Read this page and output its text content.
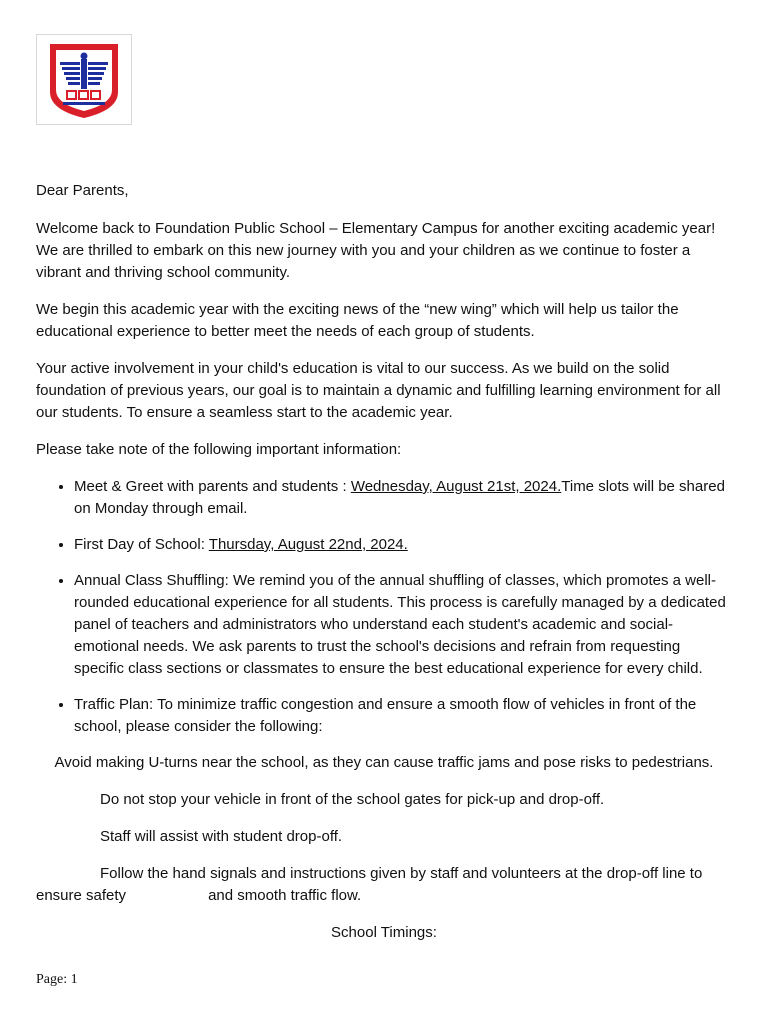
Dear Parents,

Welcome back to Foundation Public School – Elementary Campus for another exciting academic year! We are thrilled to embark on this new journey with you and your children as we continue to foster a vibrant and thriving school community.

We begin this academic year with the exciting news of the “new wing” which will help us tailor the educational experience to better meet the needs of each group of students.

Your active involvement in your child's education is vital to our success. As we build on the solid foundation of previous years, our goal is to maintain a dynamic and fulfilling learning environment for all our students. To ensure a seamless start to the academic year.

Please take note of the following important information:

• Meet & Greet with parents and students : Wednesday, August 21st, 2024.Time slots will be shared on Monday through email.
• First Day of School: Thursday, August 22nd, 2024.
• Annual Class Shuffling: We remind you of the annual shuffling of classes, which promotes a well-rounded educational experience for all students. This process is carefully managed by a dedicated panel of teachers and administrators who understand each student's academic and social-emotional needs. We ask parents to trust the school's decisions and refrain from requesting specific class sections or classmates to ensure the best educational experience for every child.
• Traffic Plan: To minimize traffic congestion and ensure a smooth flow of vehicles in front of the school, please consider the following:

Avoid making U-turns near the school, as they can cause traffic jams and pose risks to pedestrians.

Do not stop your vehicle in front of the school gates for pick-up and drop-off.

Staff will assist with student drop-off.

Follow the hand signals and instructions given by staff and volunteers at the drop-off line to ensure safety	and smooth traffic flow.

School Timings:

Page: 1
